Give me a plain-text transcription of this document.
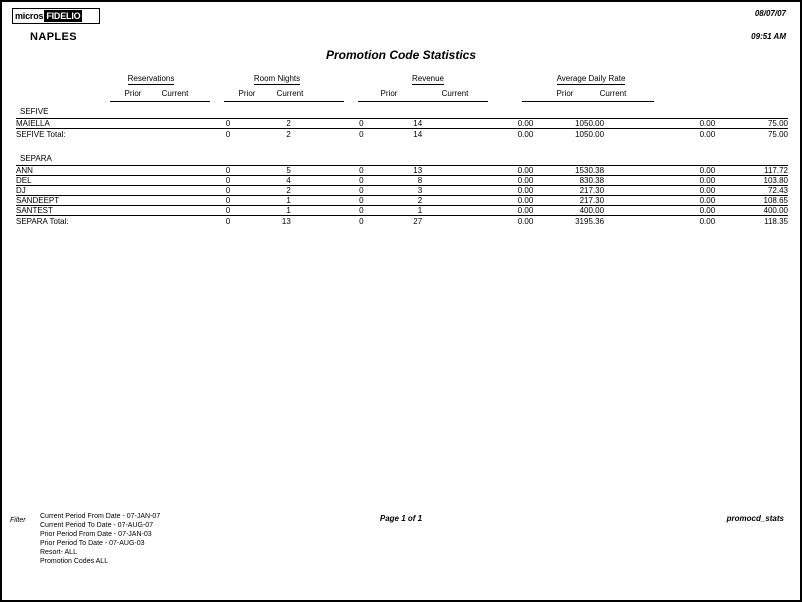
micros FIDELIO
NAPLES
08/07/07
09:51 AM
Promotion Code Statistics
Reservations	Room Nights	Revenue	Average Daily Rate
Prior	Current	Prior	Current	Prior	Current	Prior	Current
SEFIVE								
MAIELLA	0	2	0	14	0.00	1050.00	0.00	75.00
SEFIVE Total:	0	2	0	14	0.00	1050.00	0.00	75.00

SEPARA								
ANN	0	5	0	13	0.00	1530.38	0.00	117.72
DEL	0	4	0	8	0.00	830.38	0.00	103.80
DJ	0	2	0	3	0.00	217.30	0.00	72.43
SANDEEPT	0	1	0	2	0.00	217.30	0.00	108.65
SANTEST	0	1	0	1	0.00	400.00	0.00	400.00
SEPARA Total:	0	13	0	27	0.00	3195.36	0.00	118.35
Filter
Current Period From Date - 07-JAN-07
Current Period To Date - 07-AUG-07
Prior Period From Date - 07-JAN-03
Prior Period To Date - 07-AUG-03
Resort- ALL
Promotion Codes ALL
Page 1 of 1	promocd_stats
